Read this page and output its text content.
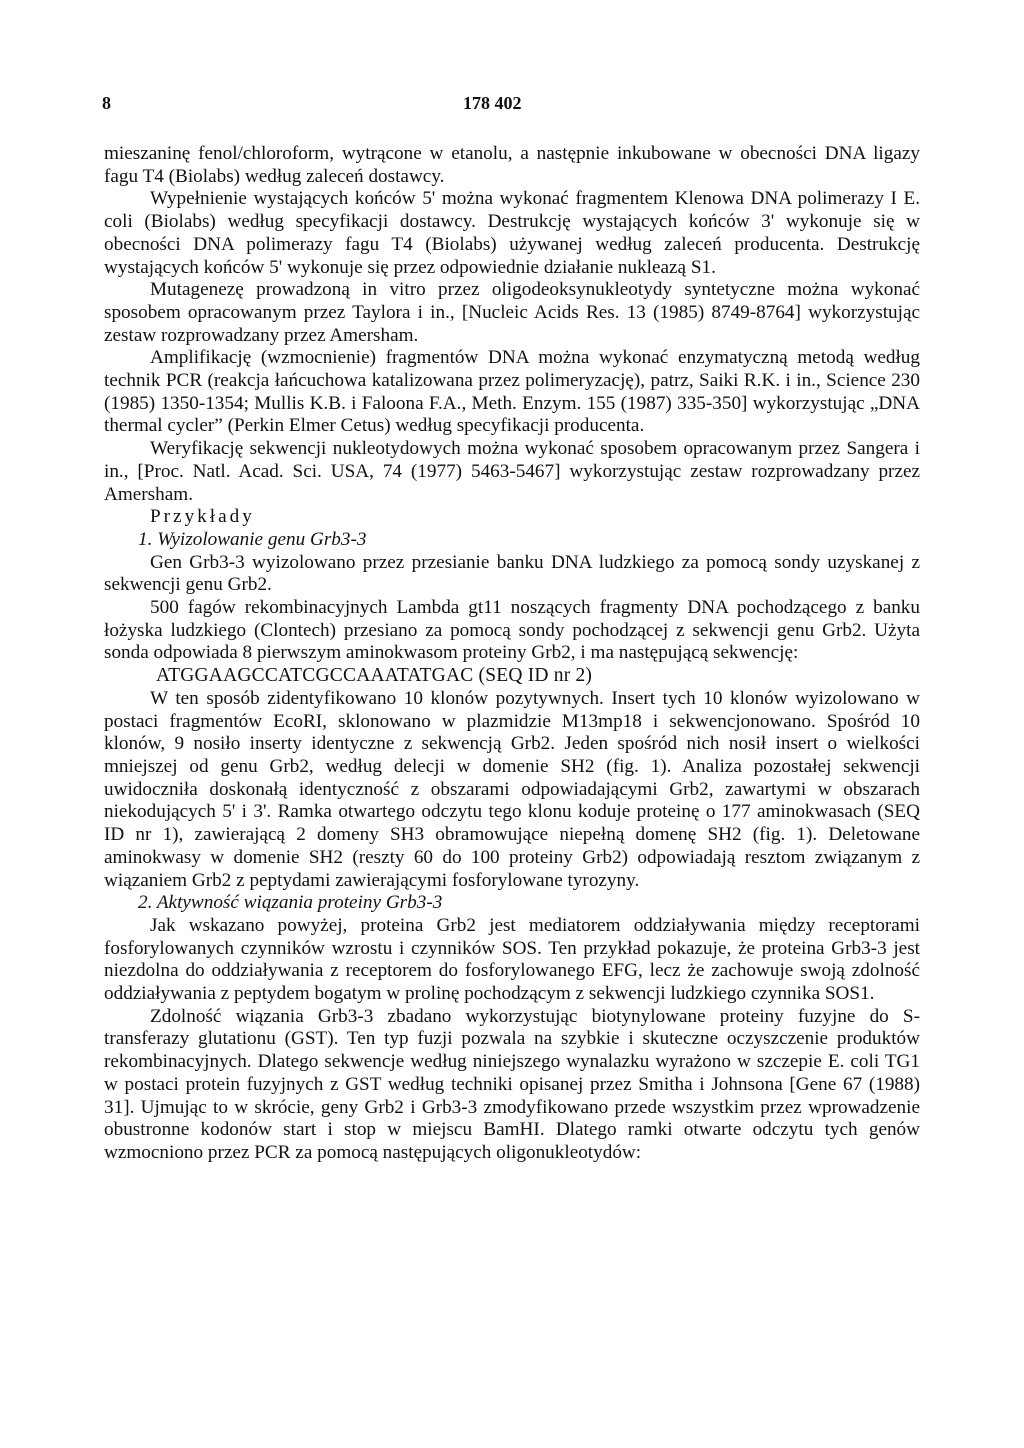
8	178 402

mieszaninę fenol/chloroform, wytrącone w etanolu, a następnie inkubowane w obecności DNA ligazy fagu T4 (Biolabs) według zaleceń dostawcy.

Wypełnienie wystających końców 5' można wykonać fragmentem Klenowa DNA polimerazy I E. coli (Biolabs) według specyfikacji dostawcy. Destrukcję wystających końców 3' wykonuje się w obecności DNA polimerazy fagu T4 (Biolabs) używanej według zaleceń producenta. Destrukcję wystających końców 5' wykonuje się przez odpowiednie działanie nukleazą S1.

Mutagenezę prowadzoną in vitro przez oligodeoksynukleotydy syntetyczne można wykonać sposobem opracowanym przez Taylora i in., [Nucleic Acids Res. 13 (1985) 8749-8764] wykorzystując zestaw rozprowadzany przez Amersham.

Amplifikację (wzmocnienie) fragmentów DNA można wykonać enzymatyczną metodą według technik PCR (reakcja łańcuchowa katalizowana przez polimeryzację), patrz, Saiki R.K. i in., Science 230 (1985) 1350-1354; Mullis K.B. i Faloona F.A., Meth. Enzym. 155 (1987) 335-350] wykorzystując „DNA thermal cycler” (Perkin Elmer Cetus) według specyfikacji producenta.

Weryfikację sekwencji nukleotydowych można wykonać sposobem opracowanym przez Sangera i in., [Proc. Natl. Acad. Sci. USA, 74 (1977) 5463-5467] wykorzystując zestaw rozprowadzany przez Amersham.

Przykłady

1. Wyizolowanie genu Grb3-3

Gen Grb3-3 wyizolowano przez przesianie banku DNA ludzkiego za pomocą sondy uzyskanej z sekwencji genu Grb2.

500 fagów rekombinacyjnych Lambda gt11 noszących fragmenty DNA pochodzącego z banku łożyska ludzkiego (Clontech) przesiano za pomocą sondy pochodzącej z sekwencji genu Grb2. Użyta sonda odpowiada 8 pierwszym aminokwasom proteiny Grb2, i ma następującą sekwencję:

ATGGAAGCCATCGCCAAATATGAC (SEQ ID nr 2)

W ten sposób zidentyfikowano 10 klonów pozytywnych. Insert tych 10 klonów wyizolowano w postaci fragmentów EcoRI, sklonowano w plazmidzie M13mp18 i sekwencjonowano. Spośród 10 klonów, 9 nosiło inserty identyczne z sekwencją Grb2. Jeden spośród nich nosił insert o wielkości mniejszej od genu Grb2, według delecji w domenie SH2 (fig. 1). Analiza pozostałej sekwencji uwidoczniła doskonałą identyczność z obszarami odpowiadającymi Grb2, zawartymi w obszarach niekodujących 5' i 3'. Ramka otwartego odczytu tego klonu koduje proteinę o 177 aminokwasach (SEQ ID nr 1), zawierającą 2 domeny SH3 obramowujące niepełną domenę SH2 (fig. 1). Deletowane aminokwasy w domenie SH2 (reszty 60 do 100 proteiny Grb2) odpowiadają resztom związanym z wiązaniem Grb2 z peptydami zawierającymi fosforylowane tyrozyny.

2. Aktywność wiązania proteiny Grb3-3

Jak wskazano powyżej, proteina Grb2 jest mediatorem oddziaływania między receptorami fosforylowanych czynników wzrostu i czynników SOS. Ten przykład pokazuje, że proteina Grb3-3 jest niezdolna do oddziaływania z receptorem do fosforylowanego EFG, lecz że zachowuje swoją zdolność oddziaływania z peptydem bogatym w prolinę pochodzącym z sekwencji ludzkiego czynnika SOS1.

Zdolność wiązania Grb3-3 zbadano wykorzystując biotynylowane proteiny fuzyjne do S-transferazy glutationu (GST). Ten typ fuzji pozwala na szybkie i skuteczne oczyszczenie produktów rekombinacyjnych. Dlatego sekwencje według niniejszego wynalazku wyrażono w szczepie E. coli TG1 w postaci protein fuzyjnych z GST według techniki opisanej przez Smitha i Johnsona [Gene 67 (1988) 31]. Ujmując to w skrócie, geny Grb2 i Grb3-3 zmodyfikowano przede wszystkim przez wprowadzenie obustronne kodonów start i stop w miejscu BamHI. Dlatego ramki otwarte odczytu tych genów wzmocniono przez PCR za pomocą następujących oligonukleotydów:
